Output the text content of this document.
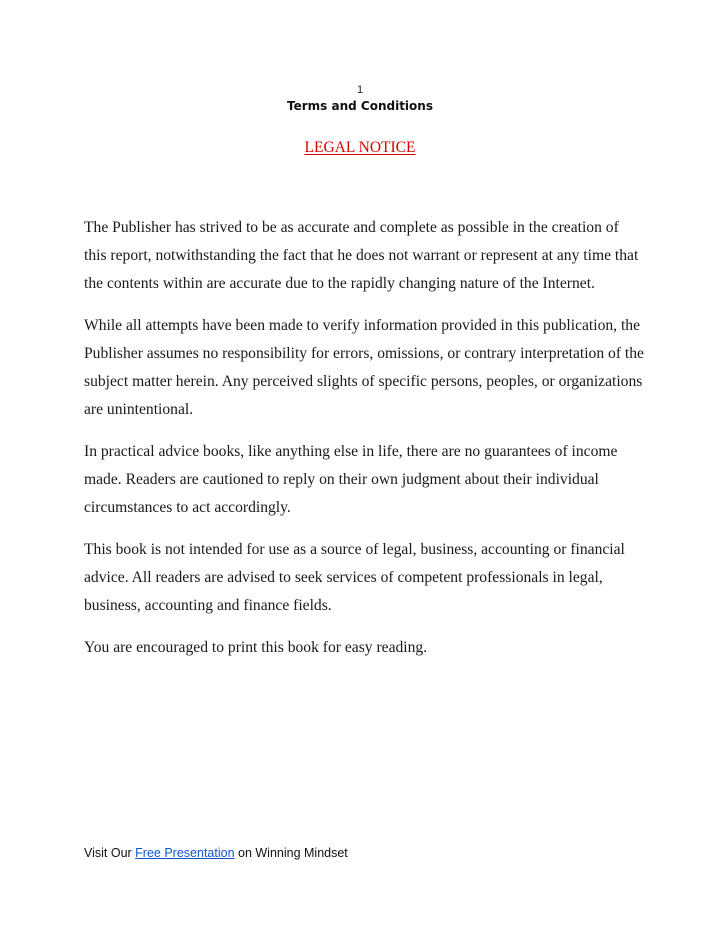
1
Terms and Conditions
LEGAL NOTICE

The Publisher has strived to be as accurate and complete as possible in the creation of this report, notwithstanding the fact that he does not warrant or represent at any time that the contents within are accurate due to the rapidly changing nature of the Internet.

While all attempts have been made to verify information provided in this publication, the Publisher assumes no responsibility for errors, omissions, or contrary interpretation of the subject matter herein. Any perceived slights of specific persons, peoples, or organizations are unintentional.

In practical advice books, like anything else in life, there are no guarantees of income made. Readers are cautioned to reply on their own judgment about their individual circumstances to act accordingly.

This book is not intended for use as a source of legal, business, accounting or financial advice. All readers are advised to seek services of competent professionals in legal, business, accounting and finance fields.

You are encouraged to print this book for easy reading.

Visit Our Free Presentation on Winning Mindset
